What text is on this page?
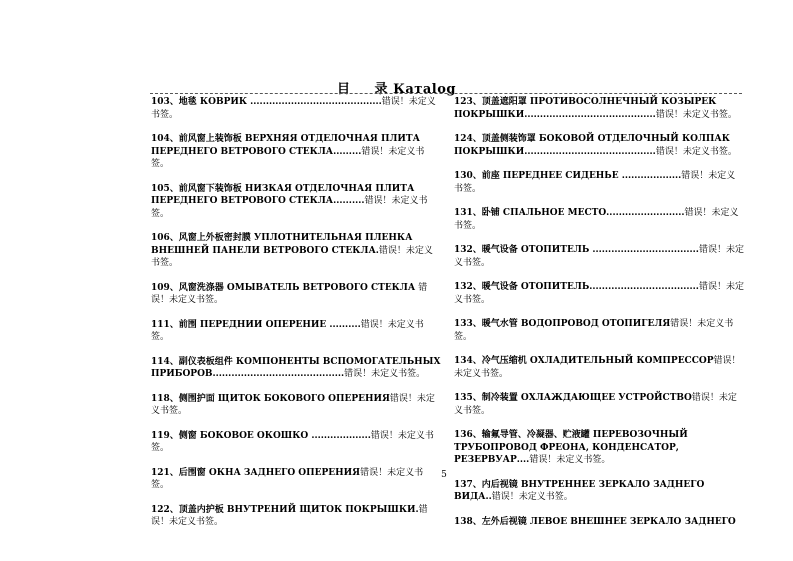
目 录 Катаlog
103、地毯 КОВРИК ..........................................错误！未定义书签。
104、前风窗上装饰板 ВЕРХНЯЯ ОТДЕЛОЧНАЯ ПЛИТА ПЕРЕДНЕГО ВЕТРОВОГО СТЕКЛА.........错误！未定义书签。
105、前风窗下装饰板 НИЗКАЯ ОТДЕЛОЧНАЯ ПЛИТА ПЕРЕДНЕГО ВЕТРОВОГО СТЕКЛА..........错误！未定义书签。
106、风窗上外板密封膜 УПЛОТНИТЕЛЬНАЯ ПЛЕНКА ВНЕШНЕЙ ПАНЕЛИ ВЕТРОВОГО СТЕКЛА.错误！未定义书签。
109、风窗洗涤器 ОМЫВАТЕЛЬ ВЕТРОВОГО СТЕКЛА 错误！未定义书签。
111、前围 ПЕРЕДНИИ ОПЕРЕНИЕ ..........错误！未定义书签。
114、副仪表板组件 КОМПОНЕНТЫ ВСПОМОГАТЕЛЬНЫХ ПРИБОРОВ..........................................错误！未定义书签。
118、侧围护面 ЩИТОК БОКОВОГО ОПЕРЕНИЯ错误！未定义书签。
119、侧窗 БОКОВОЕ ОКОШКО ...................错误！未定义书签。
121、后围窗 ОКНА ЗАДНЕГО ОПЕРЕНИЯ错误！未定义书签。
122、顶盖内护板 ВНУТРЕНИЙ ЩИТОК ПОКРЫШКИ.错误！未定义书签。
123、顶盖遮阳罩 ПРОТИВОСОЛНЕЧНЫЙ КОЗЫРЕК ПОКРЫШКИ..........................................错误！未定义书签。
124、顶盖侧装饰罩 БОКОВОЙ ОТДЕЛОЧНЫЙ КОЛПАК ПОКРЫШКИ..........................................错误！未定义书签。
130、前座 ПЕРЕДНЕЕ СИДЕНЬЕ ...................错误！未定义书签。
131、卧铺 СПАЛЬНОЕ МЕСТО.........................错误！未定义书签。
132、暖气设备 ОТОПИТЕЛЬ ..................................错误！未定义书签。
132、暖气设备 ОТОПИТЕЛЬ...................................错误！未定义书签。
133、暖气水管 ВОДОПРОВОД ОТОПИГЕЛЯ错误！未定义书签。
134、冷气压缩机 ОХЛАДИТЕЛЬНЫЙ КОМПРЕССОР错误！未定义书签。
135、制冷装置 ОХЛАЖДАЮЩЕЕ УСТРОЙСТВО错误！未定义书签。
136、输氟导管、冷凝器、贮液罐 ПЕРЕВОЗОЧНЫЙ ТРУБОПРОВОД ФРЕОНА, КОНДЕНСАТОР, РЕЗЕРВУАР....错误！未定义书签。
137、内后视镜 ВНУТРЕННЕЕ ЗЕРКАЛО ЗАДНЕГО ВИДА..错误！未定义书签。
138、左外后视镜 ЛЕВОЕ ВНЕШНЕЕ ЗЕРКАЛО ЗАДНЕГО
5
